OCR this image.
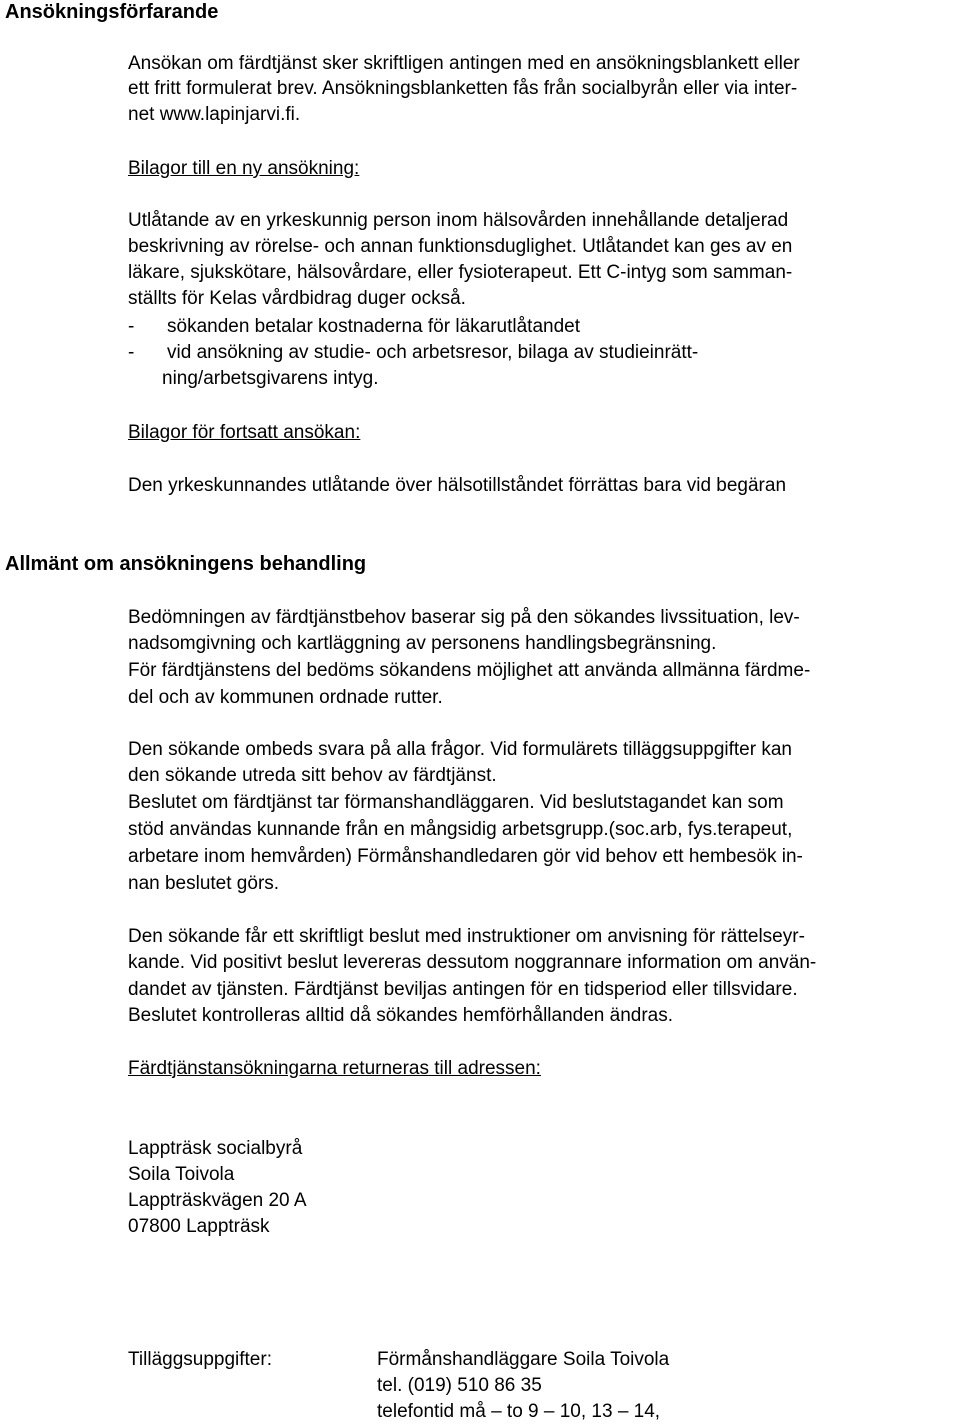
Ansökningsförfarande
Ansökan om färdtjänst sker skriftligen antingen med en ansökningsblankett eller
ett fritt formulerat brev. Ansökningsblanketten fås från socialbyrån eller via inter-
net www.lapinjarvi.fi.
Bilagor till en ny ansökning:
Utlåtande av en yrkeskunnig person inom hälsovården innehållande detaljerad
beskrivning av rörelse- och annan funktionsduglighet. Utlåtandet kan ges av en
läkare, sjukskötare, hälsovårdare, eller fysioterapeut. Ett C-intyg som samman-
ställts för Kelas vårdbidrag duger också.
- sökanden betalar kostnaderna för läkarutlåtandet
- vid ansökning av studie- och arbetsresor, bilaga av studieinrätt-
ning/arbetsgivarens intyg.
Bilagor för fortsatt ansökan:
Den yrkeskunnandes utlåtande över hälsotillståndet förrättas bara vid begäran
Allmänt om ansökningens behandling
Bedömningen av färdtjänstbehov baserar sig på den sökandes livssituation, lev-
nadsomgivning och kartläggning av personens handlingsbegränsning.
För färdtjänstens del bedöms sökandens möjlighet att använda allmänna färdme-
del och av kommunen ordnade rutter.
Den sökande ombeds svara på alla frågor. Vid formulärets tilläggsuppgifter kan
den sökande utreda sitt behov av färdtjänst.
Beslutet om färdtjänst tar förmanshandläggaren. Vid beslutstagandet kan som
stöd användas kunnande från en mångsidig arbetsgrupp.(soc.arb, fys.terapeut,
arbetare inom hemvården) Förmånshandledaren gör vid behov ett hembesök in-
nan beslutet görs.
Den sökande får ett skriftligt beslut med instruktioner om anvisning för rättelseyr-
kande. Vid positivt beslut levereras dessutom noggrannare information om använ-
dandet av tjänsten. Färdtjänst beviljas antingen för en tidsperiod eller tillsvidare.
Beslutet kontrolleras alltid då sökandes hemförhållanden ändras.
Färdtjänstansökningarna returneras till adressen:
Lappträsk socialbyrå
Soila Toivola
Lappträskvägen 20 A
07800 Lappträsk
Tilläggsuppgifter:	Förmånshandläggare Soila Toivola
tel. (019) 510 86 35
telefontid må – to 9 – 10, 13 – 14,
